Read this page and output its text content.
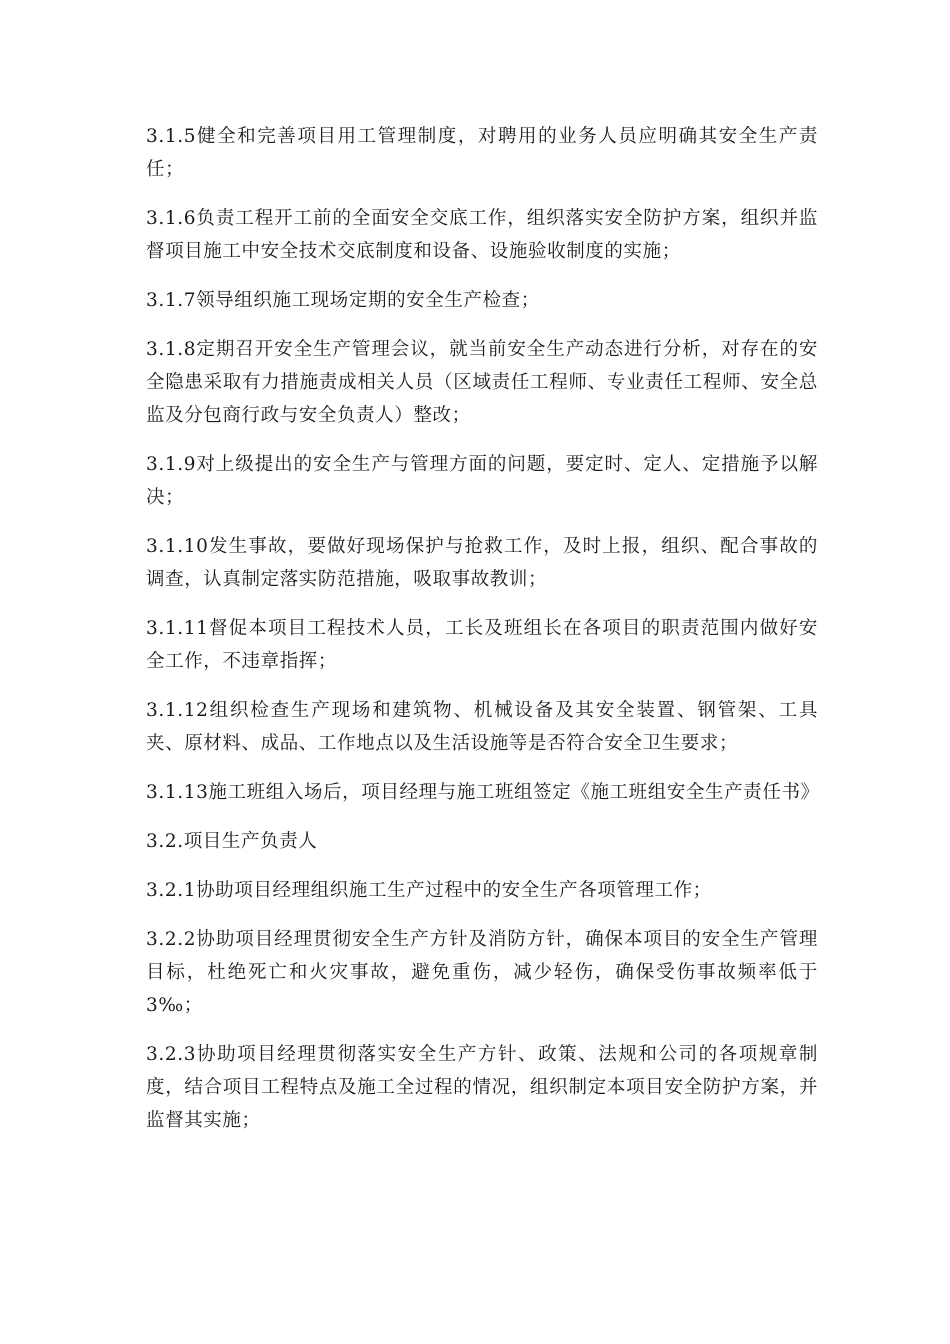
3.1.5健全和完善项目用工管理制度，对聘用的业务人员应明确其安全生产责任；

3.1.6负责工程开工前的全面安全交底工作，组织落实安全防护方案，组织并监督项目施工中安全技术交底制度和设备、设施验收制度的实施；

3.1.7领导组织施工现场定期的安全生产检查；

3.1.8定期召开安全生产管理会议，就当前安全生产动态进行分析，对存在的安全隐患采取有力措施责成相关人员（区域责任工程师、专业责任工程师、安全总监及分包商行政与安全负责人）整改；

3.1.9对上级提出的安全生产与管理方面的问题，要定时、定人、定措施予以解决；

3.1.10发生事故，要做好现场保护与抢救工作，及时上报，组织、配合事故的调查，认真制定落实防范措施，吸取事故教训；

3.1.11督促本项目工程技术人员，工长及班组长在各项目的职责范围内做好安全工作，不违章指挥；

3.1.12组织检查生产现场和建筑物、机械设备及其安全装置、钢管架、工具夹、原材料、成品、工作地点以及生活设施等是否符合安全卫生要求；

3.1.13施工班组入场后，项目经理与施工班组签定《施工班组安全生产责任书》

3.2.项目生产负责人

3.2.1协助项目经理组织施工生产过程中的安全生产各项管理工作；

3.2.2协助项目经理贯彻安全生产方针及消防方针，确保本项目的安全生产管理目标，杜绝死亡和火灾事故，避免重伤，减少轻伤，确保受伤事故频率低于3‰；

3.2.3协助项目经理贯彻落实安全生产方针、政策、法规和公司的各项规章制度，结合项目工程特点及施工全过程的情况，组织制定本项目安全防护方案，并监督其实施；
